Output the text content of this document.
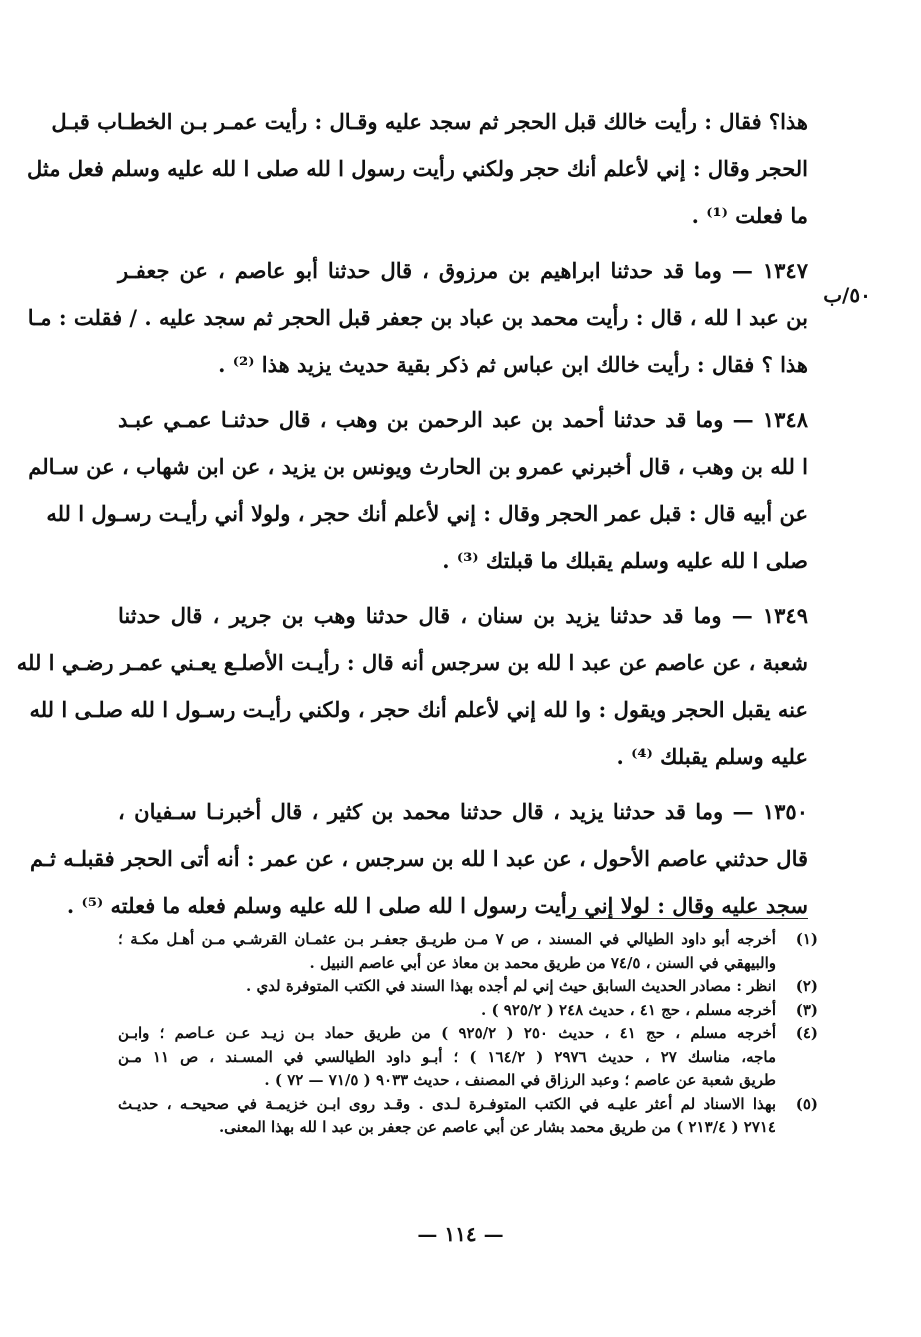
٥٠/ب
هذا؟ فقال : رأيت خالك قبل الحجر ثم سجد عليه وقـال : رأيت عمـر بـن الخطـاب قبـل
الحجر وقال : إني لأعلم أنك حجر ولكني رأيت رسول ا لله صلى ا لله عليه وسلم فعل مثل
ما فعلت ⁽¹⁾ .
١٣٤٧ — وما قد حدثنا ابراهيم بن مرزوق ، قال حدثنا أبو عاصم ، عن جعفـر
بن عبد ا لله ، قال : رأيت محمد بن عباد بن جعفر قبل الحجر ثم سجد عليه . / فقلت : مـا
هذا ؟ فقال : رأيت خالك ابن عباس ثم ذكر بقية حديث يزيد هذا ⁽²⁾ .
١٣٤٨ — وما قد حدثنا أحمد بن عبد الرحمن بن وهب ، قال حدثنـا عمـي عبـد
ا لله بن وهب ، قال أخبرني عمرو بن الحارث ويونس بن يزيد ، عن ابن شهاب ، عن سـالم
عن أبيه قال : قبل عمر الحجر وقال : إني لأعلم أنك حجر ، ولولا أني رأيـت رسـول ا لله
صلى ا لله عليه وسلم يقبلك ما قبلتك ⁽³⁾ .
١٣٤٩ — وما قد حدثنا يزيد بن سنان ، قال حدثنا وهب بن جرير ، قال حدثنا
شعبة ، عن عاصم عن عبد ا لله بن سرجس أنه قال : رأيـت الأصلـع يعـني عمـر رضـي ا لله
عنه يقبل الحجر ويقول : وا لله إني لأعلم أنك حجر ، ولكني رأيـت رسـول ا لله صلـى ا لله
عليه وسلم يقبلك ⁽⁴⁾ .
١٣٥٠ — وما قد حدثنا يزيد ، قال حدثنا محمد بن كثير ، قال أخبرنـا سـفيان ،
قال حدثني عاصم الأحول ، عن عبد ا لله بن سرجس ، عن عمر : أنه أتى الحجر فقبلـه ثـم
سجد عليه وقال : لولا إني رأيت رسول ا لله صلى ا لله عليه وسلم فعله ما فعلته ⁽⁵⁾ .
(١)
أخرجه أبو داود الطيالي في المسند ، ص ٧ مـن طريـق جعفـر بـن عثمـان القرشـي مـن أهـل مكـة ؛
والبيهقي في السنن ، ٧٤/٥ من طريق محمد بن معاذ عن أبي عاصم النبيل .
(٢)
انظر : مصادر الحديث السابق حيث إني لم أجده بهذا السند في الكتب المتوفرة لدي .
(٣)
أخرجه مسلم ، حج ٤١ ، حديث ٢٤٨ ( ٩٢٥/٢ ) .
(٤)
أخرجه مسلم ، حج ٤١ ، حديث ٢٥٠ ( ٩٢٥/٢ ) من طريق حماد بـن زيـد عـن عـاصم ؛ وابـن
ماجه، مناسك ٢٧ ، حديث ٢٩٧٦ ( ١٦٤/٢ ) ؛ أبـو داود الطيالسي في المسـند ، ص ١١ مـن
طريق شعبة عن عاصم ؛ وعبد الرزاق في المصنف ، حديث ٩٠٣٣ ( ٧١/٥ — ٧٢ ) .
(٥)
بهذا الاسناد لم أعثر عليـه في الكتب المتوفـرة لـدى . وقـد روى ابـن خزيمـة في صحيحـه ، حديـث
٢٧١٤ ( ٢١٣/٤ ) من طريق محمد بشار عن أبي عاصم عن جعفر بن عبد ا لله بهذا المعنى.
— ١١٤ —
